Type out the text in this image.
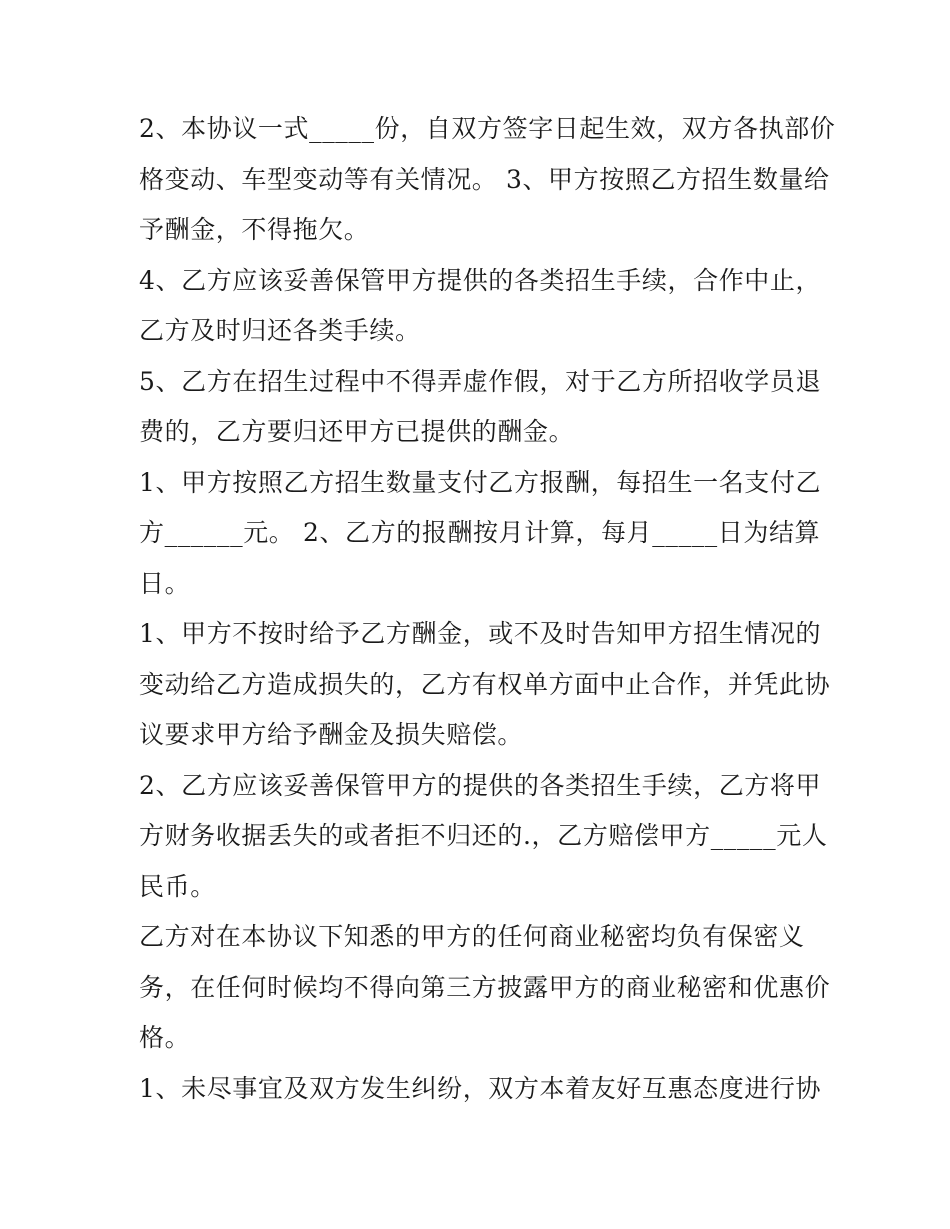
2、本协议一式_____份，自双方签字日起生效，双方各执部价
格变动、车型变动等有关情况。 3、甲方按照乙方招生数量给
予酬金，不得拖欠。

4、乙方应该妥善保管甲方提供的各类招生手续，合作中止，
乙方及时归还各类手续。

5、乙方在招生过程中不得弄虚作假，对于乙方所招收学员退
费的，乙方要归还甲方已提供的酬金。

1、甲方按照乙方招生数量支付乙方报酬，每招生一名支付乙
方______元。 2、乙方的报酬按月计算，每月_____日为结算
日。

1、甲方不按时给予乙方酬金，或不及时告知甲方招生情况的
变动给乙方造成损失的，乙方有权单方面中止合作，并凭此协
议要求甲方给予酬金及损失赔偿。

2、乙方应该妥善保管甲方的提供的各类招生手续，乙方将甲
方财务收据丢失的或者拒不归还的.，乙方赔偿甲方_____元人
民币。

乙方对在本协议下知悉的甲方的任何商业秘密均负有保密义
务，在任何时候均不得向第三方披露甲方的商业秘密和优惠价
格。

1、未尽事宜及双方发生纠纷，双方本着友好互惠态度进行协
